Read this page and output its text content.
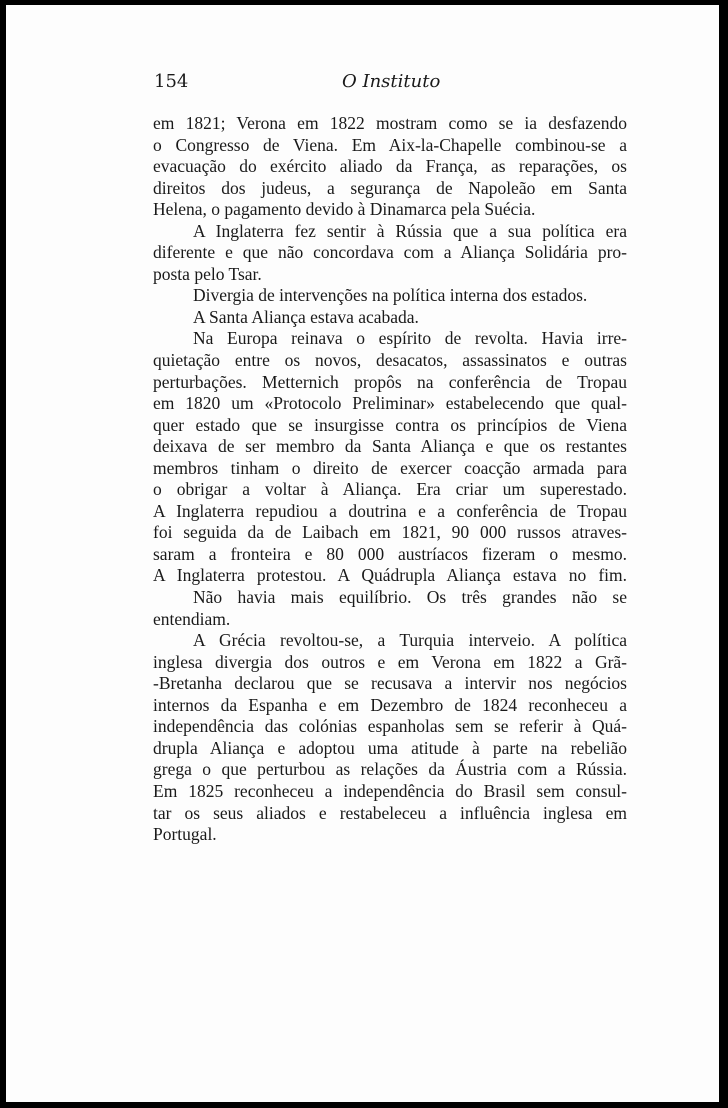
154	O Instituto
em 1821; Verona em 1822 mostram como se ia desfazendo
o Congresso de Viena. Em Aix-la-Chapelle combinou-se a
evacuação do exército aliado da França, as reparações, os
direitos dos judeus, a segurança de Napoleão em Santa
Helena, o pagamento devido à Dinamarca pela Suécia.
A Inglaterra fez sentir à Rússia que a sua política era
diferente e que não concordava com a Aliança Solidária pro-
posta pelo Tsar.
Divergia de intervenções na política interna dos estados.
A Santa Aliança estava acabada.
Na Europa reinava o espírito de revolta. Havia irre-
quietação entre os novos, desacatos, assassinatos e outras
perturbações. Metternich propôs na conferência de Tropau
em 1820 um «Protocolo Preliminar» estabelecendo que qual-
quer estado que se insurgisse contra os princípios de Viena
deixava de ser membro da Santa Aliança e que os restantes
membros tinham o direito de exercer coacção armada para
o obrigar a voltar à Aliança. Era criar um superestado.
A Inglaterra repudiou a doutrina e a conferência de Tropau
foi seguida da de Laibach em 1821, 90 000 russos atraves-
saram a fronteira e 80 000 austríacos fizeram o mesmo.
A Inglaterra protestou. A Quádrupla Aliança estava no fim.
Não havia mais equilíbrio. Os três grandes não se
entendiam.
A Grécia revoltou-se, a Turquia interveio. A política
inglesa divergia dos outros e em Verona em 1822 a Grã-
-Bretanha declarou que se recusava a intervir nos negócios
internos da Espanha e em Dezembro de 1824 reconheceu a
independência das colónias espanholas sem se referir à Quá-
drupla Aliança e adoptou uma atitude à parte na rebelião
grega o que perturbou as relações da Áustria com a Rússia.
Em 1825 reconheceu a independência do Brasil sem consul-
tar os seus aliados e restabeleceu a influência inglesa em
Portugal.
